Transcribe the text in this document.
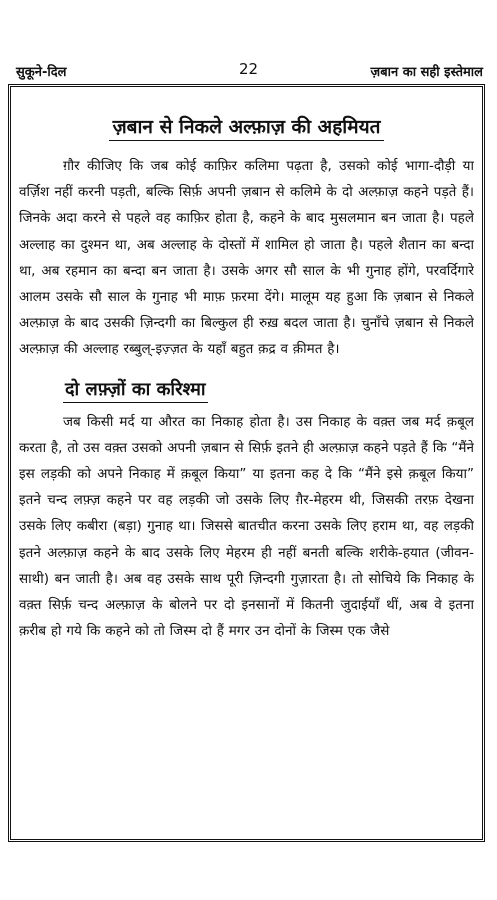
सुकूने-दिल	22	ज़बान का सही इस्तेमाल
ज़बान से निकले अल्फ़ाज़ की अहमियत

ग़ौर कीजिए कि जब कोई काफ़िर कलिमा पढ़ता है, उसको कोई भागा-दौड़ी या वर्ज़िश नहीं करनी पड़ती, बल्कि सिर्फ़ अपनी ज़बान से कलिमे के दो अल्फ़ाज़ कहने पड़ते हैं। जिनके अदा करने से पहले वह काफ़िर होता है, कहने के बाद मुसलमान बन जाता है। पहले अल्लाह का दुश्मन था, अब अल्लाह के दोस्तों में शामिल हो जाता है। पहले शैतान का बन्दा था, अब रहमान का बन्दा बन जाता है। उसके अगर सौ साल के भी गुनाह होंगे, परवर्दिगारे आलम उसके सौ साल के गुनाह भी माफ़ फ़रमा देंगे। मालूम यह हुआ कि ज़बान से निकले अल्फ़ाज़ के बाद उसकी ज़िन्दगी का बिल्कुल ही रुख़ बदल जाता है। चुनाँचे ज़बान से निकले अल्फ़ाज़ की अल्लाह रब्बुल्-इज़्ज़त के यहाँ बहुत क़द्र व क़ीमत है।

दो लफ़्ज़ों का करिश्मा

जब किसी मर्द या औरत का निकाह होता है। उस निकाह के वक़्त जब मर्द क़बूल करता है, तो उस वक़्त उसको अपनी ज़बान से सिर्फ़ इतने ही अल्फ़ाज़ कहने पड़ते हैं कि “मैंने इस लड़की को अपने निकाह में क़बूल किया” या इतना कह दे कि “मैंने इसे क़बूल किया” इतने चन्द लफ़्ज़ कहने पर वह लड़की जो उसके लिए ग़ैर-मेहरम थी, जिसकी तरफ़ देखना उसके लिए कबीरा (बड़ा) गुनाह था। जिससे बातचीत करना उसके लिए हराम था, वह लड़की इतने अल्फ़ाज़ कहने के बाद उसके लिए मेहरम ही नहीं बनती बल्कि शरीके-हयात (जीवन-साथी) बन जाती है। अब वह उसके साथ पूरी ज़िन्दगी गुज़ारता है। तो सोचिये कि निकाह के वक़्त सिर्फ़ चन्द अल्फ़ाज़ के बोलने पर दो इनसानों में कितनी जुदाईयाँ थीं, अब वे इतना क़रीब हो गये कि कहने को तो जिस्म दो हैं मगर उन दोनों के जिस्म एक जैसे
